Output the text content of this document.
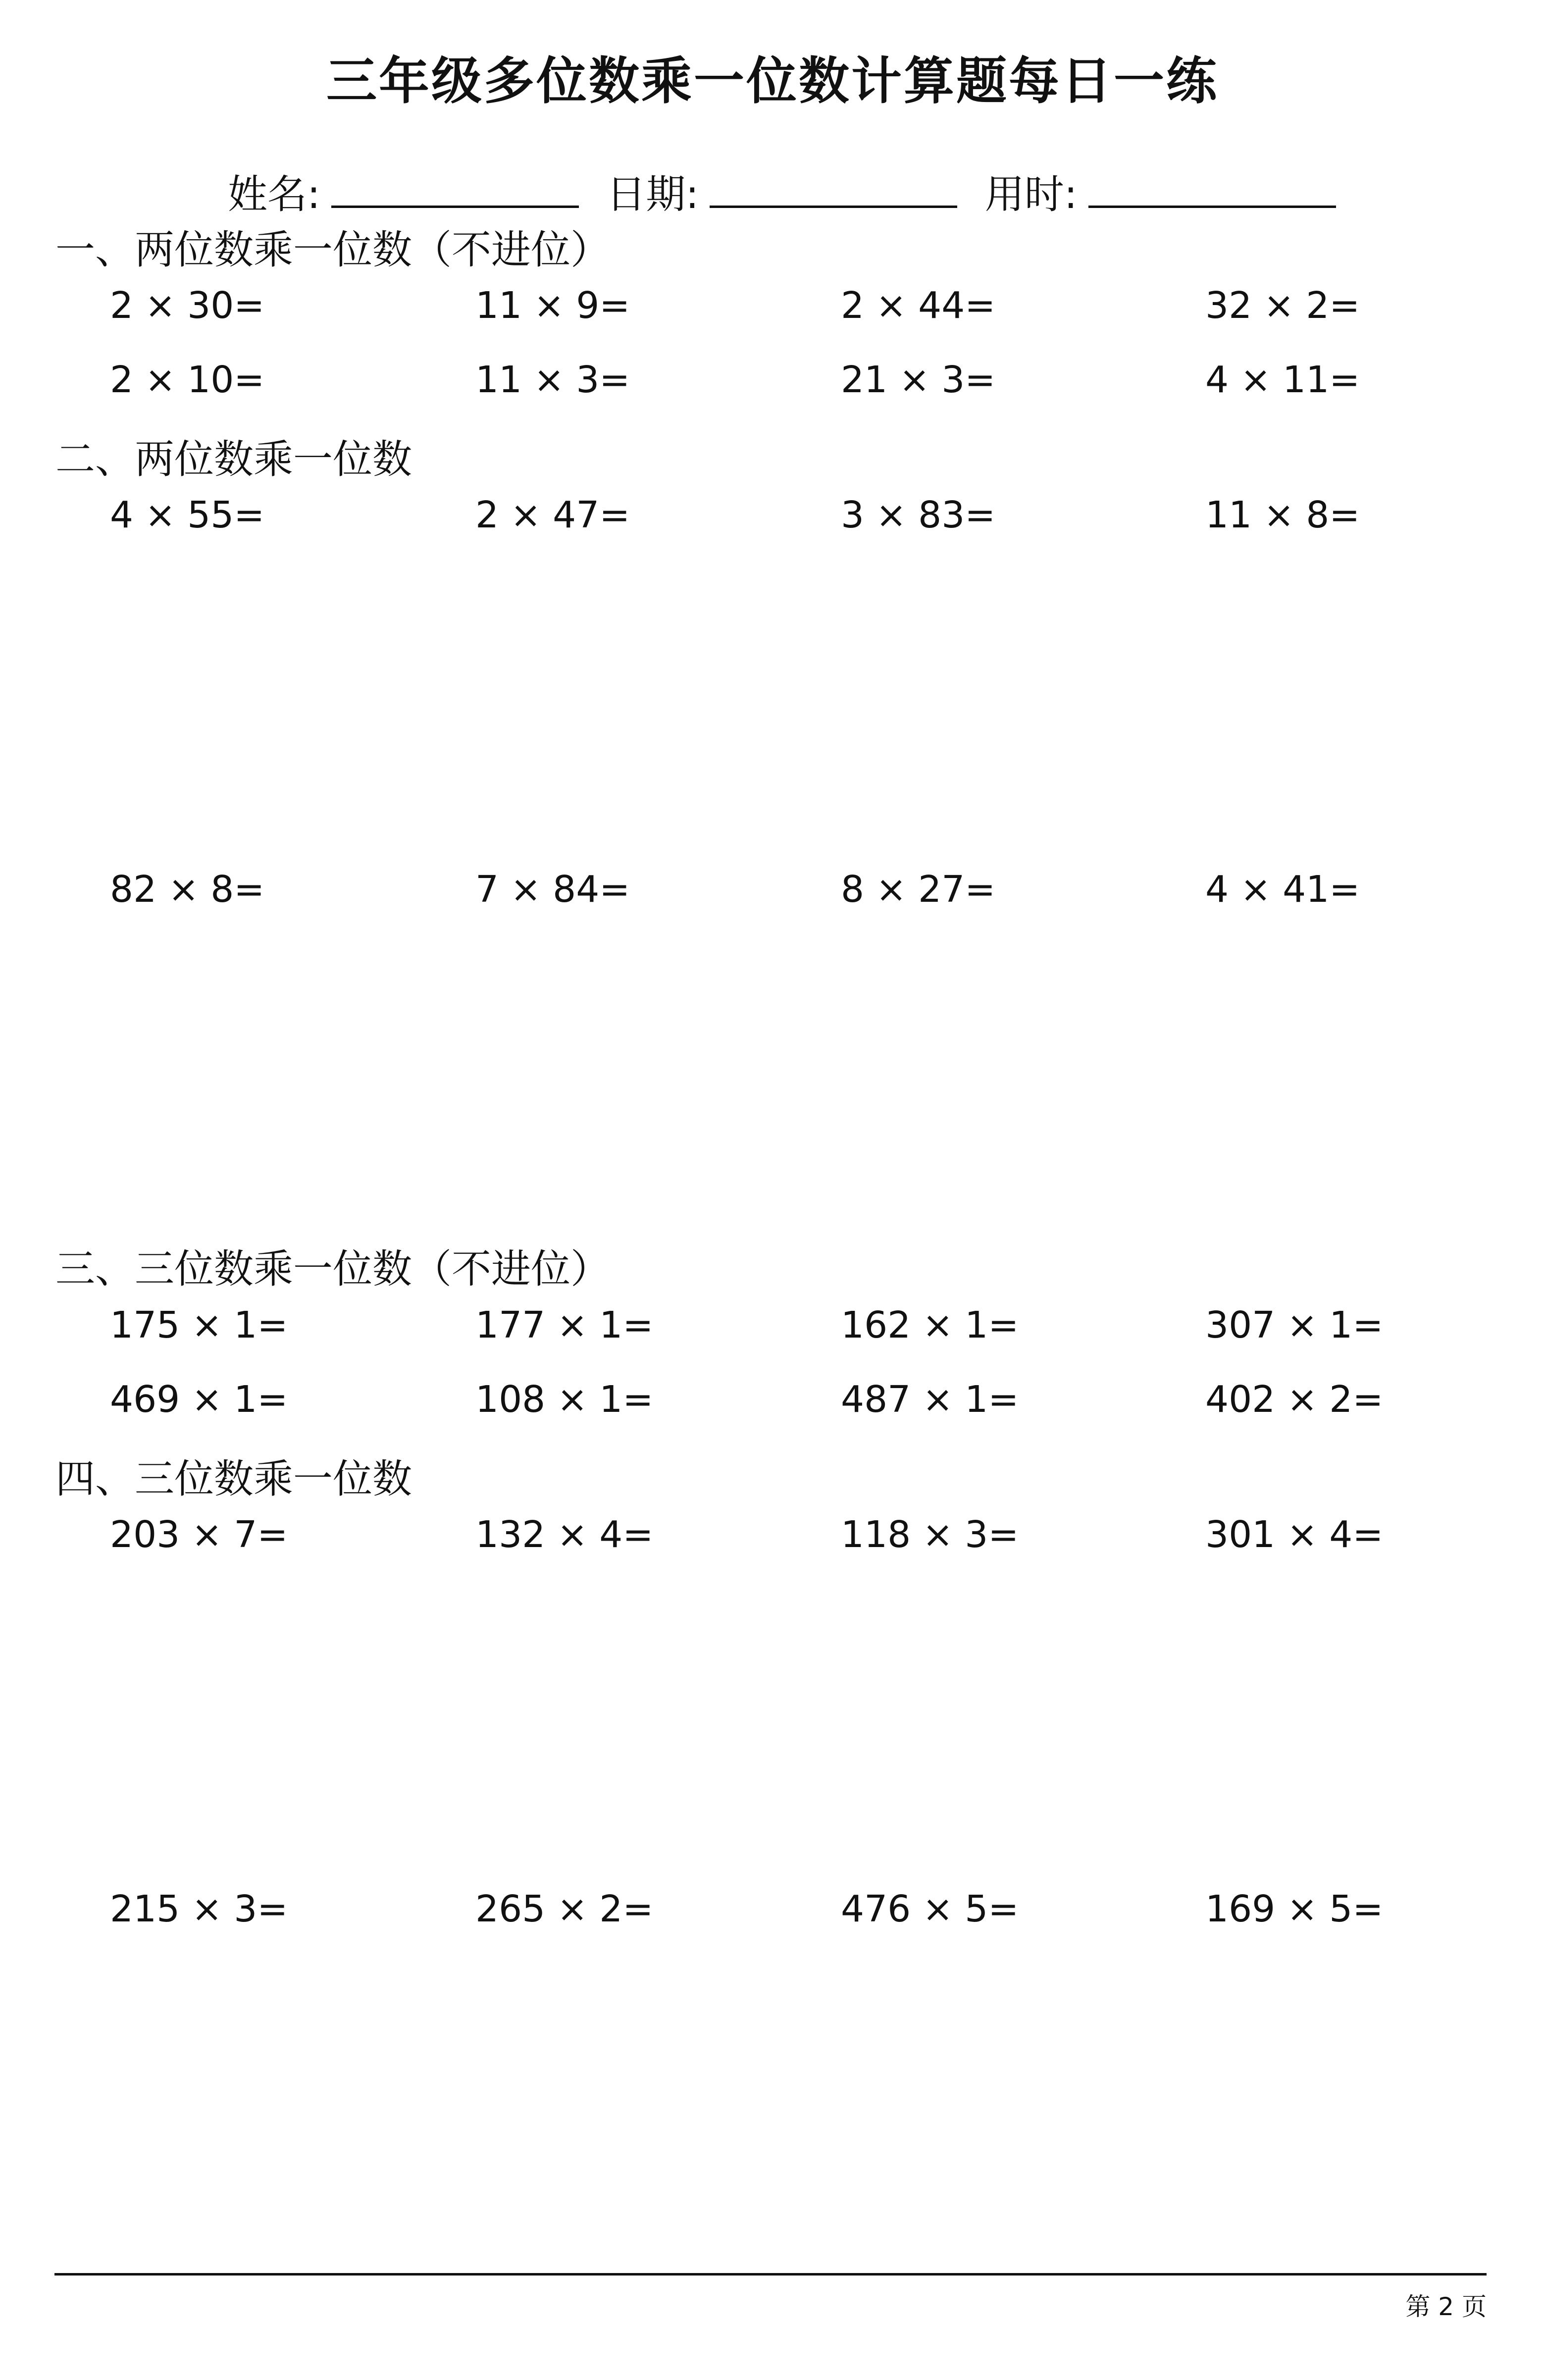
三年级多位数乘一位数计算题每日一练
姓名:	日期:	用时:
一、两位数乘一位数（不进位）
2 × 30=	11 × 9=	2 × 44=	32 × 2=
2 × 10=	11 × 3=	21 × 3=	4 × 11=
二、两位数乘一位数
4 × 55=	2 × 47=	3 × 83=	11 × 8=
82 × 8=	7 × 84=	8 × 27=	4 × 41=
三、三位数乘一位数（不进位）
175 × 1=	177 × 1=	162 × 1=	307 × 1=
469 × 1=	108 × 1=	487 × 1=	402 × 2=
四、三位数乘一位数
203 × 7=	132 × 4=	118 × 3=	301 × 4=
215 × 3=	265 × 2=	476 × 5=	169 × 5=
第 2 页
